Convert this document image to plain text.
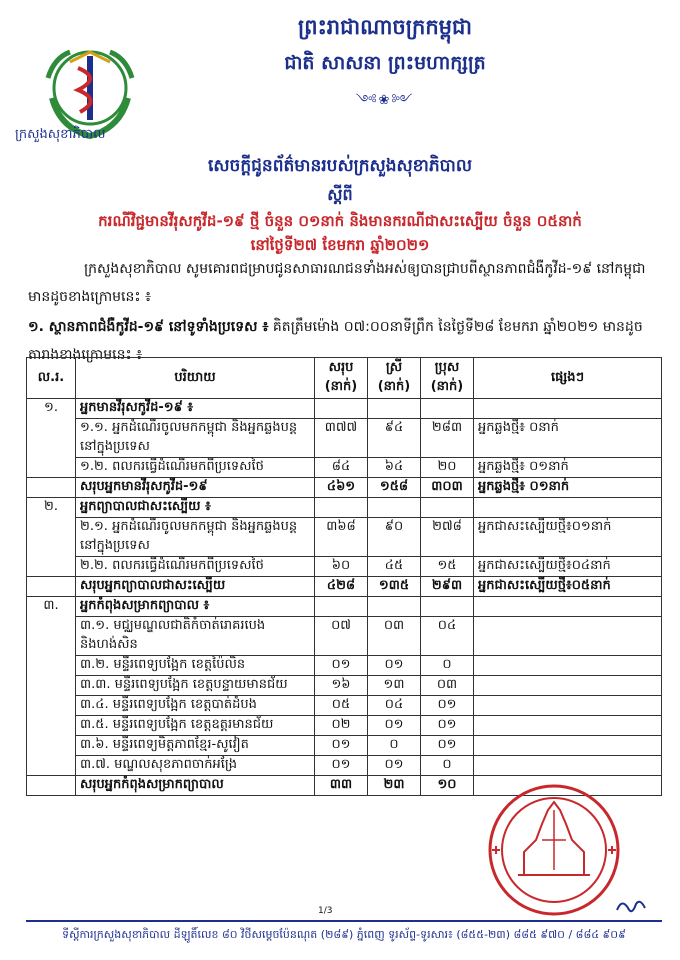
ក្រសួងសុខាភិបាល
ព្រះរាជាណាចក្រកម្ពុជា
ជាតិ សាសនា ព្រះមហាក្សត្រ
༺❀༻
សេចក្តីជូនព័ត៌មានរបស់ក្រសួងសុខាភិបាល
ស្តីពី
ករណីវិជ្ជមានវីរុសកូវីដ-១៩ ថ្មី ចំនួន ០១នាក់ និងមានករណីជាសះស្បើយ ចំនួន ០៥នាក់
នៅថ្ងៃទី២៧ ខែមករា ឆ្នាំ២០២១
ក្រសួងសុខាភិបាល សូមគោរពជម្រាបជូនសាធារណជនទាំងអស់ឲ្យបានជ្រាបពីស្ថានភាពជំងឺកូវីដ-១៩ នៅកម្ពុជា មានដូចខាងក្រោមនេះ ៖
១. ស្ថានភាពជំងឺកូវីដ-១៩ នៅទូទាំងប្រទេស ៖ គិតត្រឹមម៉ោង ០៧:០០នាទីព្រឹក នៃថ្ងៃទី២៨ ខែមករា ឆ្នាំ២០២១ មានដូចតារាងខាងក្រោមនេះ ៖
ល.រ.	បរិយាយ	សរុប (នាក់)	ស្រី (នាក់)	ប្រុស (នាក់)	ផ្សេងៗ
១.	អ្នកមានវីរុសកូវីដ-១៩ ៖				
	១.១. អ្នកដំណើរចូលមកកម្ពុជា និងអ្នកឆ្លងបន្តនៅក្នុងប្រទេស	៣៧៧	៩៤	២៨៣	អ្នកឆ្លងថ្មី៖ ០នាក់
	១.២. ពលករធ្វើដំណើរមកពីប្រទេសថៃ	៨៤	៦៤	២០	អ្នកឆ្លងថ្មី៖ ០១នាក់
	សរុបអ្នកមានវីរុសកូវីដ-១៩	៤៦១	១៥៨	៣០៣	អ្នកឆ្លងថ្មី៖ ០១នាក់
២.	អ្នកព្យាបាលជាសះស្បើយ ៖				
	២.១. អ្នកដំណើរចូលមកកម្ពុជា និងអ្នកឆ្លងបន្តនៅក្នុងប្រទេស	៣៦៨	៩០	២៧៨	អ្នកជាសះស្បើយថ្មី៖០១នាក់
	២.២. ពលករធ្វើដំណើរមកពីប្រទេសថៃ	៦០	៤៥	១៥	អ្នកជាសះស្បើយថ្មី៖០៤នាក់
	សរុបអ្នកព្យាបាលជាសះស្បើយ	៤២៨	១៣៥	២៩៣	អ្នកជាសះស្បើយថ្មី៖០៥នាក់
៣.	អ្នកកំពុងសម្រាកព្យាបាល ៖				
	៣.១. មជ្ឈមណ្ឌលជាតិកំចាត់រោគរបេង និងហង់សិន	០៧	០៣	០៤	
	៣.២. មន្ទីរពេទ្យបង្អែក ខេត្តប៉ៃលិន	០១	០១	០	
	៣.៣. មន្ទីរពេទ្យបង្អែក ខេត្តបន្ទាយមានជ័យ	១៦	១៣	០៣	
	៣.៤. មន្ទីរពេទ្យបង្អែក ខេត្តបាត់ដំបង	០៥	០៤	០១	
	៣.៥. មន្ទីរពេទ្យបង្អែក ខេត្តឧត្តរមានជ័យ	០២	០១	០១	
	៣.៦. មន្ទីរពេទ្យមិត្តភាពខ្មែរ-សូវៀត	០១	០	០១	
	៣.៧. មណ្ឌលសុខភាពចាក់អង្រែ	០១	០១	០	
	សរុបអ្នកកំពុងសម្រាកព្យាបាល	៣៣	២៣	១០	
1/3
ទីស្តីការក្រសួងសុខាភិបាល ដីឡូតិ៍លេខ ៨០ វិថីសម្តេចប៉ែនណុត (២៨៩) ភ្នំពេញ ទូរស័ព្ទ-ទូរសារ៖ (៨៥៥-២៣) ៨៨៥ ៩៧០ / ៨៨៤ ៩០៩
